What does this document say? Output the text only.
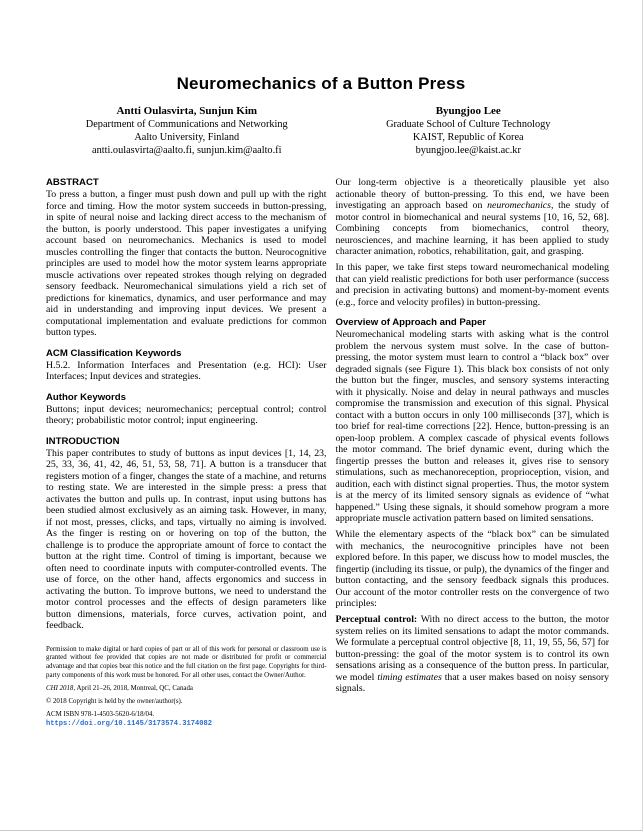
Neuromechanics of a Button Press
Antti Oulasvirta, Sunjun Kim
Department of Communications and Networking
Aalto University, Finland
antti.oulasvirta@aalto.fi, sunjun.kim@aalto.fi
Byungjoo Lee
Graduate School of Culture Technology
KAIST, Republic of Korea
byungjoo.lee@kaist.ac.kr
ABSTRACT

To press a button, a finger must push down and pull up with the right force and timing. How the motor system succeeds in button-pressing, in spite of neural noise and lacking direct access to the mechanism of the button, is poorly understood. This paper investigates a unifying account based on neuromechanics. Mechanics is used to model muscles controlling the finger that contacts the button. Neurocognitive principles are used to model how the motor system learns appropriate muscle activations over repeated strokes though relying on degraded sensory feedback. Neuromechanical simulations yield a rich set of predictions for kinematics, dynamics, and user performance and may aid in understanding and improving input devices. We present a computational implementation and evaluate predictions for common button types.

ACM Classification Keywords

H.5.2. Information Interfaces and Presentation (e.g. HCI): User Interfaces; Input devices and strategies.

Author Keywords

Buttons; input devices; neuromechanics; perceptual control; control theory; probabilistic motor control; input engineering.

INTRODUCTION

This paper contributes to study of buttons as input devices [1, 14, 23, 25, 33, 36, 41, 42, 46, 51, 53, 58, 71]. A button is a transducer that registers motion of a finger, changes the state of a machine, and returns to resting state. We are interested in the simple press: a press that activates the button and pulls up. In contrast, input using buttons has been studied almost exclusively as an aiming task. However, in many, if not most, presses, clicks, and taps, virtually no aiming is involved. As the finger is resting on or hovering on top of the button, the challenge is to produce the appropriate amount of force to contact the button at the right time. Control of timing is important, because we often need to coordinate inputs with computer-controlled events. The use of force, on the other hand, affects ergonomics and success in activating the button. To improve buttons, we need to understand the motor control processes and the effects of design parameters like button dimensions, materials, force curves, activation point, and feedback.

Permission to make digital or hard copies of part or all of this work for personal or classroom use is granted without fee provided that copies are not made or distributed for profit or commercial advantage and that copies bear this notice and the full citation on the first page. Copyrights for third-party components of this work must be honored. For all other uses, contact the Owner/Author.

CHI 2018, April 21–26, 2018, Montreal, QC, Canada

© 2018 Copyright is held by the owner/author(s).

ACM ISBN 978-1-4503-5620-6/18/04.

https://doi.org/10.1145/3173574.3174082

Our long-term objective is a theoretically plausible yet also actionable theory of button-pressing. To this end, we have been investigating an approach based on neuromechanics, the study of motor control in biomechanical and neural systems [10, 16, 52, 68]. Combining concepts from biomechanics, control theory, neurosciences, and machine learning, it has been applied to study character animation, robotics, rehabilitation, gait, and grasping.

In this paper, we take first steps toward neuromechanical modeling that can yield realistic predictions for both user performance (success and precision in activating buttons) and moment-by-moment events (e.g., force and velocity profiles) in button-pressing.

Overview of Approach and Paper

Neuromechanical modeling starts with asking what is the control problem the nervous system must solve. In the case of button-pressing, the motor system must learn to control a “black box” over degraded signals (see Figure 1). This black box consists of not only the button but the finger, muscles, and sensory systems interacting with it physically. Noise and delay in neural pathways and muscles compromise the transmission and execution of this signal. Physical contact with a button occurs in only 100 milliseconds [37], which is too brief for real-time corrections [22]. Hence, button-pressing is an open-loop problem. A complex cascade of physical events follows the motor command. The brief dynamic event, during which the fingertip presses the button and releases it, gives rise to sensory stimulations, such as mechanoreception, proprioception, vision, and audition, each with distinct signal properties. Thus, the motor system is at the mercy of its limited sensory signals as evidence of “what happened.” Using these signals, it should somehow program a more appropriate muscle activation pattern based on limited sensations.

While the elementary aspects of the “black box” can be simulated with mechanics, the neurocognitive principles have not been explored before. In this paper, we discuss how to model muscles, the fingertip (including its tissue, or pulp), the dynamics of the finger and button contacting, and the sensory feedback signals this produces. Our account of the motor controller rests on the convergence of two principles:

Perceptual control: With no direct access to the button, the motor system relies on its limited sensations to adapt the motor commands. We formulate a perceptual control objective [8, 11, 19, 55, 56, 57] for button-pressing: the goal of the motor system is to control its own sensations arising as a consequence of the button press. In particular, we model timing estimates that a user makes based on noisy sensory signals.
